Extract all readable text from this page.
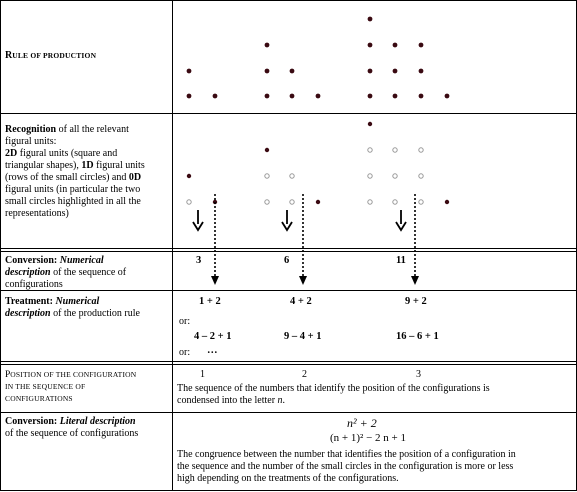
RULE OF PRODUCTION
Recognition of all the relevant
figural units:
2D figural units (square and
triangular shapes), 1D figural units
(rows of the small circles) and 0D
figural units (in particular the two
small circles highlighted in all the
representations)
Conversion: Numerical
description of the sequence of
configurations
3	6	11
Treatment: Numerical
description of the production rule
1 + 2	4 + 2	9 + 2
or:
4 – 2 + 1	9 – 4 + 1	16 – 6 + 1
or: …
POSITION OF THE CONFIGURATION
IN THE SEQUENCE OF
CONFIGURATIONS
1	2	3
The sequence of the numbers that identify the position of the configurations is
condensed into the letter n.
Conversion: Literal description
of the sequence of configurations
n² + 2
(n + 1)² − 2 n + 1
The congruence between the number that identifies the position of a configuration in
the sequence and the number of the small circles in the configuration is more or less
high depending on the treatments of the configurations.
